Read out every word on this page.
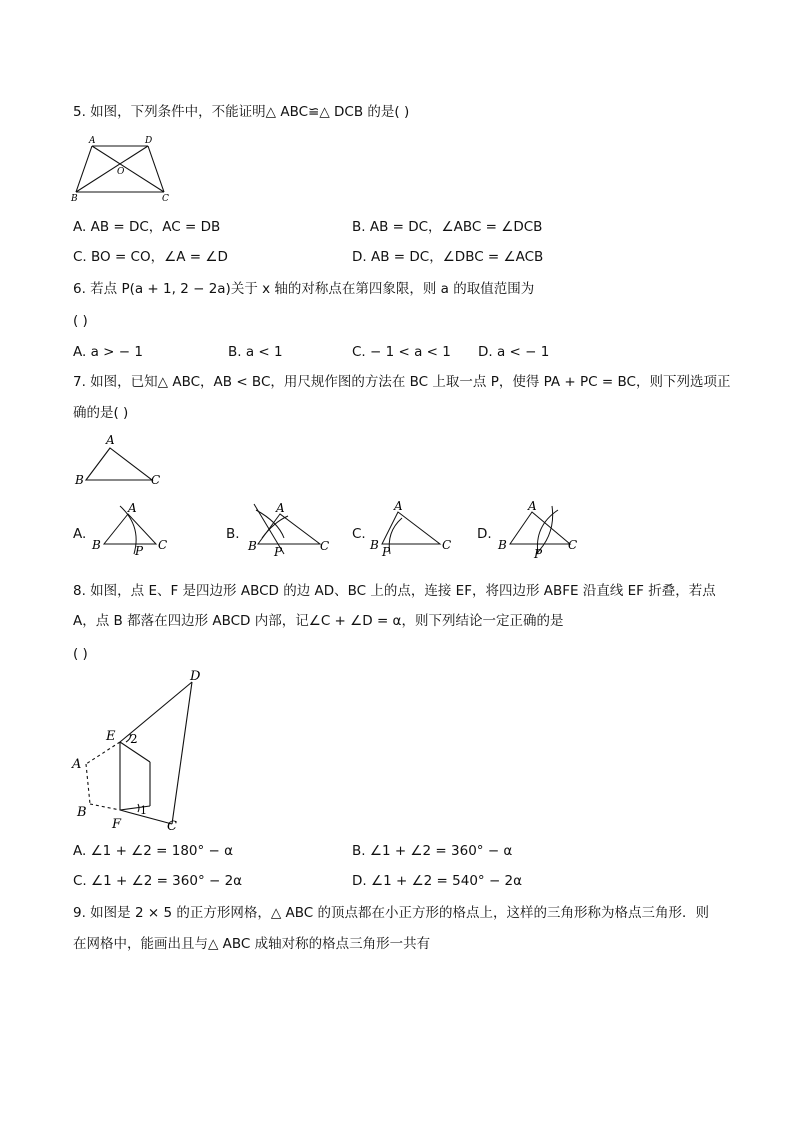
5. 如图，下列条件中，不能证明△ ABC≌△ DCB 的是( )
A	D
O
B	C
A. AB = DC，AC = DB	B. AB = DC，∠ABC = ∠DCB
C. BO = CO，∠A = ∠D	D. AB = DC，∠DBC = ∠ACB
6. 若点 P(a + 1, 2 − 2a)关于 x 轴的对称点在第四象限，则 a 的取值范围为
( )
A. a > − 1	B. a < 1	C. − 1 < a < 1 D. a < − 1
7. 如图，已知△ ABC，AB < BC，用尺规作图的方法在 BC 上取一点 P，使得 PA + PC = BC，则下列选项正
确的是( )
A
B	C
A.
A
B	C
P
B.
A
B	C
P
C.
A
B	C
P
D.
A
B	C
P
8. 如图，点 E、F 是四边形 ABCD 的边 AD、BC 上的点，连接 EF，将四边形 ABFE 沿直线 EF 折叠，若点
A，点 B 都落在四边形 ABCD 内部，记∠C + ∠D = α，则下列结论一定正确的是
( )
D
E 2
A
B	1
F	C
A. ∠1 + ∠2 = 180° − α	B. ∠1 + ∠2 = 360° − α
C. ∠1 + ∠2 = 360° − 2α	D. ∠1 + ∠2 = 540° − 2α
9. 如图是 2 × 5 的正方形网格，△ ABC 的顶点都在小正方形的格点上，这样的三角形称为格点三角形．则
在网格中，能画出且与△ ABC 成轴对称的格点三角形一共有
